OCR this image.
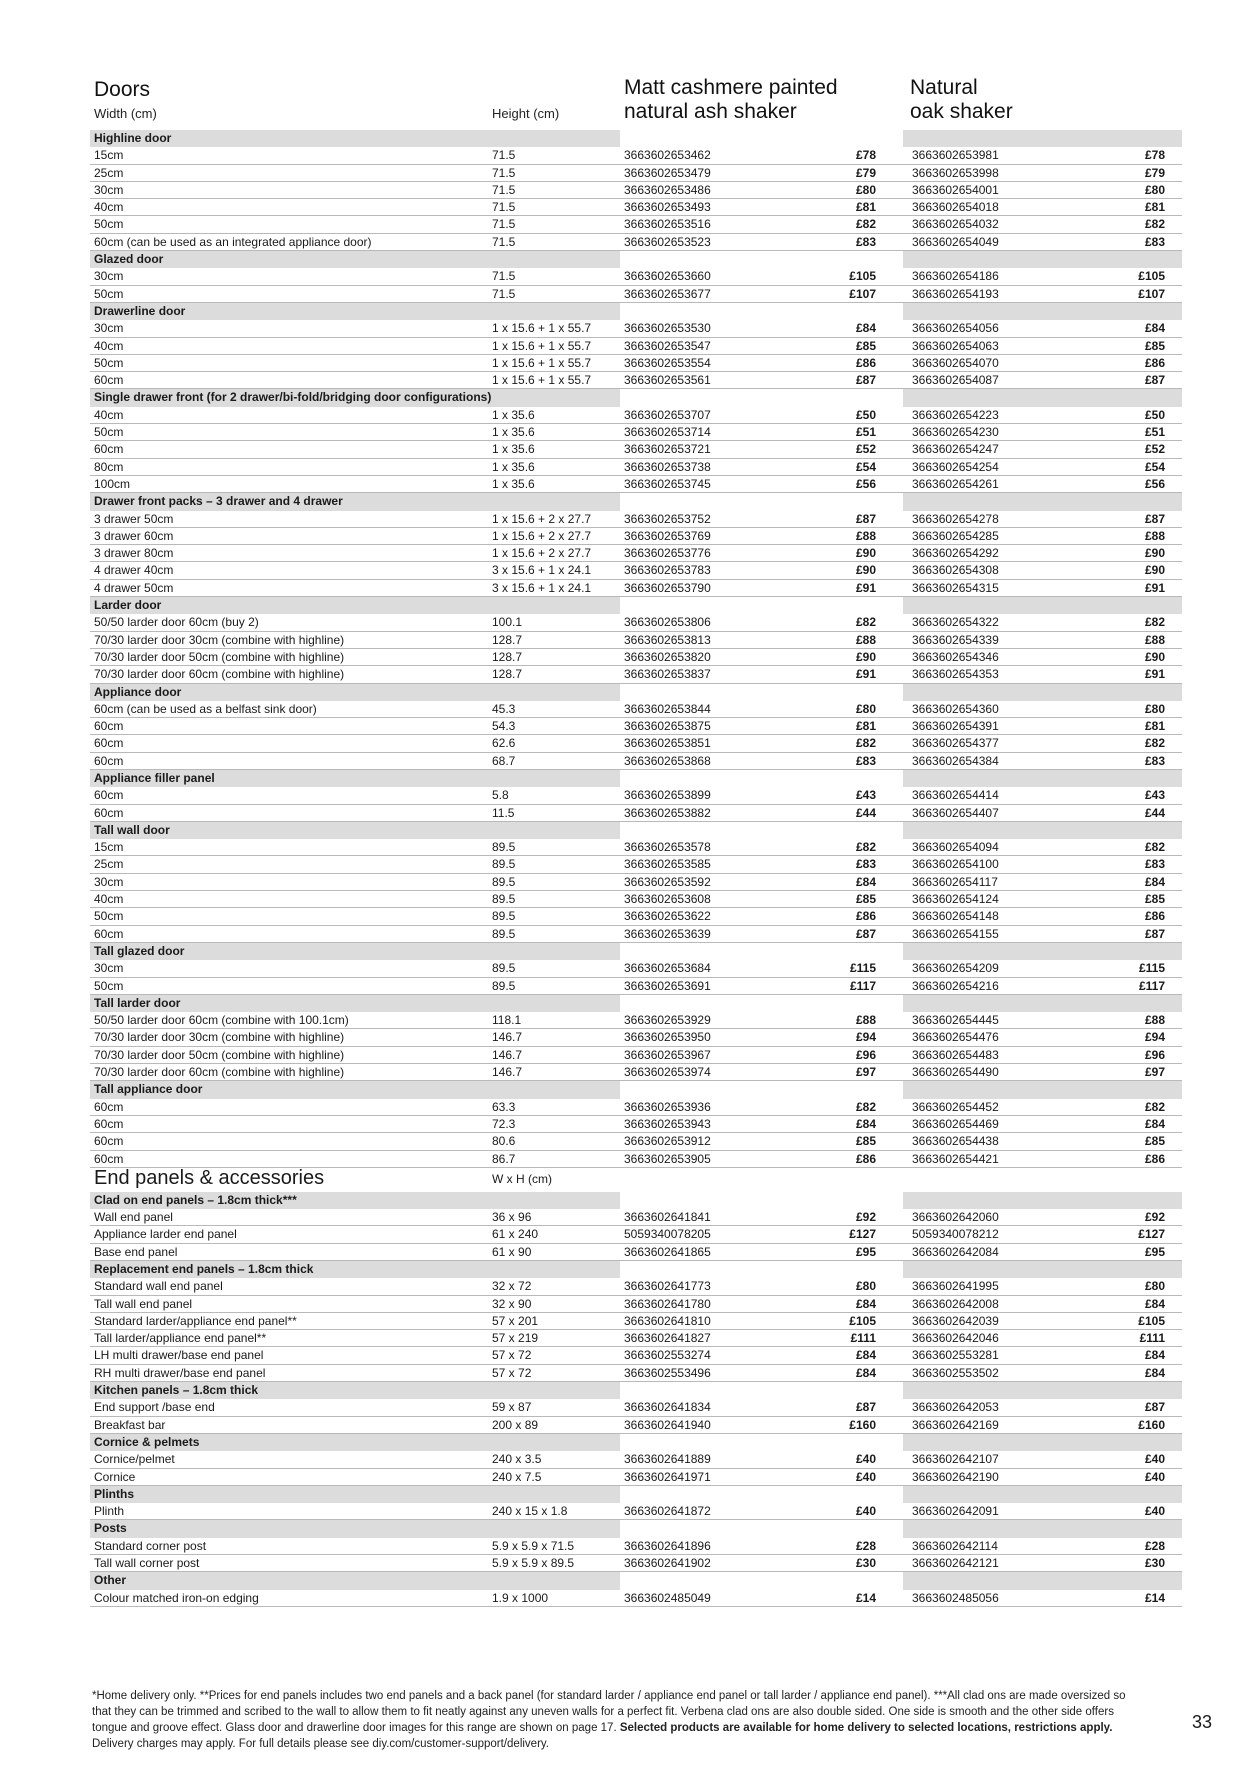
Doors
Width (cm)	Height (cm)
Matt cashmere painted
natural ash shaker
Natural
oak shaker
Highline door
15cm	71.5	3663602653462	£78	3663602653981	£78
25cm	71.5	3663602653479	£79	3663602653998	£79
30cm	71.5	3663602653486	£80	3663602654001	£80
40cm	71.5	3663602653493	£81	3663602654018	£81
50cm	71.5	3663602653516	£82	3663602654032	£82
60cm (can be used as an integrated appliance door)	71.5	3663602653523	£83	3663602654049	£83
Glazed door
30cm	71.5	3663602653660	£105	3663602654186	£105
50cm	71.5	3663602653677	£107	3663602654193	£107
Drawerline door
30cm	1 x 15.6 + 1 x 55.7	3663602653530	£84	3663602654056	£84
40cm	1 x 15.6 + 1 x 55.7	3663602653547	£85	3663602654063	£85
50cm	1 x 15.6 + 1 x 55.7	3663602653554	£86	3663602654070	£86
60cm	1 x 15.6 + 1 x 55.7	3663602653561	£87	3663602654087	£87
Single drawer front (for 2 drawer/bi-fold/bridging door configurations)
40cm	1 x 35.6	3663602653707	£50	3663602654223	£50
50cm	1 x 35.6	3663602653714	£51	3663602654230	£51
60cm	1 x 35.6	3663602653721	£52	3663602654247	£52
80cm	1 x 35.6	3663602653738	£54	3663602654254	£54
100cm	1 x 35.6	3663602653745	£56	3663602654261	£56
Drawer front packs – 3 drawer and 4 drawer
3 drawer 50cm	1 x 15.6 + 2 x 27.7	3663602653752	£87	3663602654278	£87
3 drawer 60cm	1 x 15.6 + 2 x 27.7	3663602653769	£88	3663602654285	£88
3 drawer 80cm	1 x 15.6 + 2 x 27.7	3663602653776	£90	3663602654292	£90
4 drawer 40cm	3 x 15.6 + 1 x 24.1	3663602653783	£90	3663602654308	£90
4 drawer 50cm	3 x 15.6 + 1 x 24.1	3663602653790	£91	3663602654315	£91
Larder door
50/50 larder door 60cm (buy 2)	100.1	3663602653806	£82	3663602654322	£82
70/30 larder door 30cm (combine with highline)	128.7	3663602653813	£88	3663602654339	£88
70/30 larder door 50cm (combine with highline)	128.7	3663602653820	£90	3663602654346	£90
70/30 larder door 60cm (combine with highline)	128.7	3663602653837	£91	3663602654353	£91
Appliance door
60cm (can be used as a belfast sink door)	45.3	3663602653844	£80	3663602654360	£80
60cm	54.3	3663602653875	£81	3663602654391	£81
60cm	62.6	3663602653851	£82	3663602654377	£82
60cm	68.7	3663602653868	£83	3663602654384	£83
Appliance filler panel
60cm	5.8	3663602653899	£43	3663602654414	£43
60cm	11.5	3663602653882	£44	3663602654407	£44
Tall wall door
15cm	89.5	3663602653578	£82	3663602654094	£82
25cm	89.5	3663602653585	£83	3663602654100	£83
30cm	89.5	3663602653592	£84	3663602654117	£84
40cm	89.5	3663602653608	£85	3663602654124	£85
50cm	89.5	3663602653622	£86	3663602654148	£86
60cm	89.5	3663602653639	£87	3663602654155	£87
Tall glazed door
30cm	89.5	3663602653684	£115	3663602654209	£115
50cm	89.5	3663602653691	£117	3663602654216	£117
Tall larder door
50/50 larder door 60cm (combine with 100.1cm)	118.1	3663602653929	£88	3663602654445	£88
70/30 larder door 30cm (combine with highline)	146.7	3663602653950	£94	3663602654476	£94
70/30 larder door 50cm (combine with highline)	146.7	3663602653967	£96	3663602654483	£96
70/30 larder door 60cm (combine with highline)	146.7	3663602653974	£97	3663602654490	£97
Tall appliance door
60cm	63.3	3663602653936	£82	3663602654452	£82
60cm	72.3	3663602653943	£84	3663602654469	£84
60cm	80.6	3663602653912	£85	3663602654438	£85
60cm	86.7	3663602653905	£86	3663602654421	£86
End panels & accessories	W x H (cm)
Clad on end panels – 1.8cm thick***
Wall end panel	36 x 96	3663602641841	£92	3663602642060	£92
Appliance larder end panel	61 x 240	5059340078205	£127	5059340078212	£127
Base end panel	61 x 90	3663602641865	£95	3663602642084	£95
Replacement end panels – 1.8cm thick
Standard wall end panel	32 x 72	3663602641773	£80	3663602641995	£80
Tall wall end panel	32 x 90	3663602641780	£84	3663602642008	£84
Standard larder/appliance end panel**	57 x 201	3663602641810	£105	3663602642039	£105
Tall larder/appliance end panel**	57 x 219	3663602641827	£111	3663602642046	£111
LH multi drawer/base end panel	57 x 72	3663602553274	£84	3663602553281	£84
RH multi drawer/base end panel	57 x 72	3663602553496	£84	3663602553502	£84
Kitchen panels – 1.8cm thick
End support /base end	59 x 87	3663602641834	£87	3663602642053	£87
Breakfast bar	200 x 89	3663602641940	£160	3663602642169	£160
Cornice & pelmets
Cornice/pelmet	240 x 3.5	3663602641889	£40	3663602642107	£40
Cornice	240 x 7.5	3663602641971	£40	3663602642190	£40
Plinths
Plinth	240 x 15 x 1.8	3663602641872	£40	3663602642091	£40
Posts
Standard corner post	5.9 x 5.9 x 71.5	3663602641896	£28	3663602642114	£28
Tall wall corner post	5.9 x 5.9 x 89.5	3663602641902	£30	3663602642121	£30
Other
Colour matched iron-on edging	1.9 x 1000	3663602485049	£14	3663602485056	£14
*Home delivery only. **Prices for end panels includes two end panels and a back panel (for standard larder / appliance end panel or tall larder / appliance end panel). ***All clad ons are made oversized so that they can be trimmed and scribed to the wall to allow them to fit neatly against any uneven walls for a perfect fit. Verbena clad ons are also double sided. One side is smooth and the other side offers tongue and groove effect. Glass door and drawerline door images for this range are shown on page 17. Selected products are available for home delivery to selected locations, restrictions apply. Delivery charges may apply. For full details please see diy.com/customer-support/delivery.
33
